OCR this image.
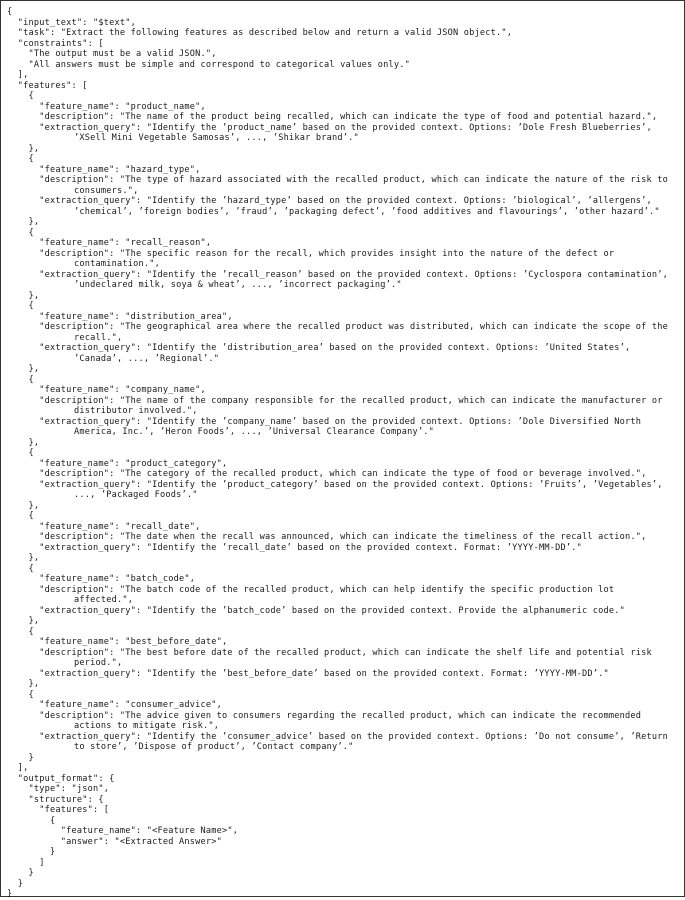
{
"input_text": "$text",
"task": "Extract the following features as described below and return a valid JSON object.",
"constraints": [
"The output must be a valid JSON.",
"All answers must be simple and correspond to categorical values only."
],
"features": [
{
"feature_name": "product_name",
"description": "The name of the product being recalled, which can indicate the type of food and potential hazard.",
"extraction_query": "Identify the ’product_name’ based on the provided context. Options: ’Dole Fresh Blueberries’,
’XSell Mini Vegetable Samosas’, ..., ’Shikar brand’."
},
{
"feature_name": "hazard_type",
"description": "The type of hazard associated with the recalled product, which can indicate the nature of the risk to
consumers.",
"extraction_query": "Identify the ’hazard_type’ based on the provided context. Options: ’biological’, ’allergens’,
’chemical’, ’foreign bodies’, ’fraud’, ’packaging defect’, ’food additives and flavourings’, ’other hazard’."
},
{
"feature_name": "recall_reason",
"description": "The specific reason for the recall, which provides insight into the nature of the defect or
contamination.",
"extraction_query": "Identify the ’recall_reason’ based on the provided context. Options: ’Cyclospora contamination’,
’undeclared milk, soya & wheat’, ..., ’incorrect packaging’."
},
{
"feature_name": "distribution_area",
"description": "The geographical area where the recalled product was distributed, which can indicate the scope of the
recall.",
"extraction_query": "Identify the ’distribution_area’ based on the provided context. Options: ’United States’,
’Canada’, ..., ’Regional’."
},
{
"feature_name": "company_name",
"description": "The name of the company responsible for the recalled product, which can indicate the manufacturer or
distributor involved.",
"extraction_query": "Identify the ’company_name’ based on the provided context. Options: ’Dole Diversified North
America, Inc.’, ’Heron Foods’, ..., ’Universal Clearance Company’."
},
{
"feature_name": "product_category",
"description": "The category of the recalled product, which can indicate the type of food or beverage involved.",
"extraction_query": "Identify the ’product_category’ based on the provided context. Options: ’Fruits’, ’Vegetables’,
..., ’Packaged Foods’."
},
{
"feature_name": "recall_date",
"description": "The date when the recall was announced, which can indicate the timeliness of the recall action.",
"extraction_query": "Identify the ’recall_date’ based on the provided context. Format: ’YYYY-MM-DD’."
},
{
"feature_name": "batch_code",
"description": "The batch code of the recalled product, which can help identify the specific production lot
affected.",
"extraction_query": "Identify the ’batch_code’ based on the provided context. Provide the alphanumeric code."
},
{
"feature_name": "best_before_date",
"description": "The best before date of the recalled product, which can indicate the shelf life and potential risk
period.",
"extraction_query": "Identify the ’best_before_date’ based on the provided context. Format: ’YYYY-MM-DD’."
},
{
"feature_name": "consumer_advice",
"description": "The advice given to consumers regarding the recalled product, which can indicate the recommended
actions to mitigate risk.",
"extraction_query": "Identify the ’consumer_advice’ based on the provided context. Options: ’Do not consume’, ’Return
to store’, ’Dispose of product’, ’Contact company’."
}
],
"output_format": {
"type": "json",
"structure": {
"features": [
{
"feature_name": "<Feature Name>",
"answer": "<Extracted Answer>"
}
]
}
}
}
